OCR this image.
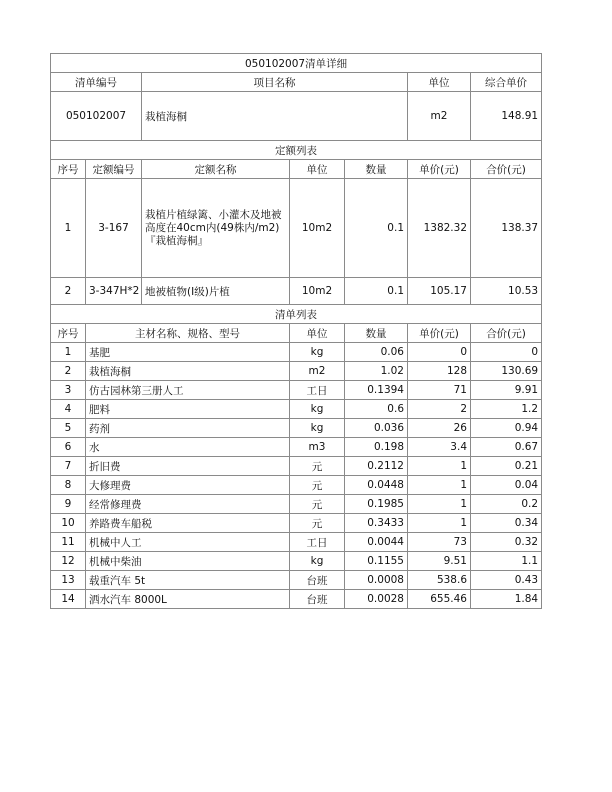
050102007清单详细						
清单编号		项目名称			单位	综合单价
050102007		栽植海桐			m2	148.91
定额列表						
序号	定额编号	定额名称	单位	数量	单价(元)	合价(元)
1	3-167	栽植片植绿篱、小灌木及地被高度在40cm内(49株内/m2)『栽植海桐』	10m2	0.1	1382.32	138.37
2	3-347H*2	地被植物(I级)片植	10m2	0.1	105.17	10.53
清单列表						
序号	主材名称、规格、型号		单位	数量	单价(元)	合价(元)
1	基肥		kg	0.06	0	0
2	栽植海桐		m2	1.02	128	130.69
3	仿古园林第三册人工		工日	0.1394	71	9.91
4	肥料		kg	0.6	2	1.2
5	药剂		kg	0.036	26	0.94
6	水		m3	0.198	3.4	0.67
7	折旧费		元	0.2112	1	0.21
8	大修理费		元	0.0448	1	0.04
9	经常修理费		元	0.1985	1	0.2
10	养路费车船税		元	0.3433	1	0.34
11	机械中人工		工日	0.0044	73	0.32
12	机械中柴油		kg	0.1155	9.51	1.1
13	载重汽车 5t		台班	0.0008	538.6	0.43
14	洒水汽车 8000L		台班	0.0028	655.46	1.84
